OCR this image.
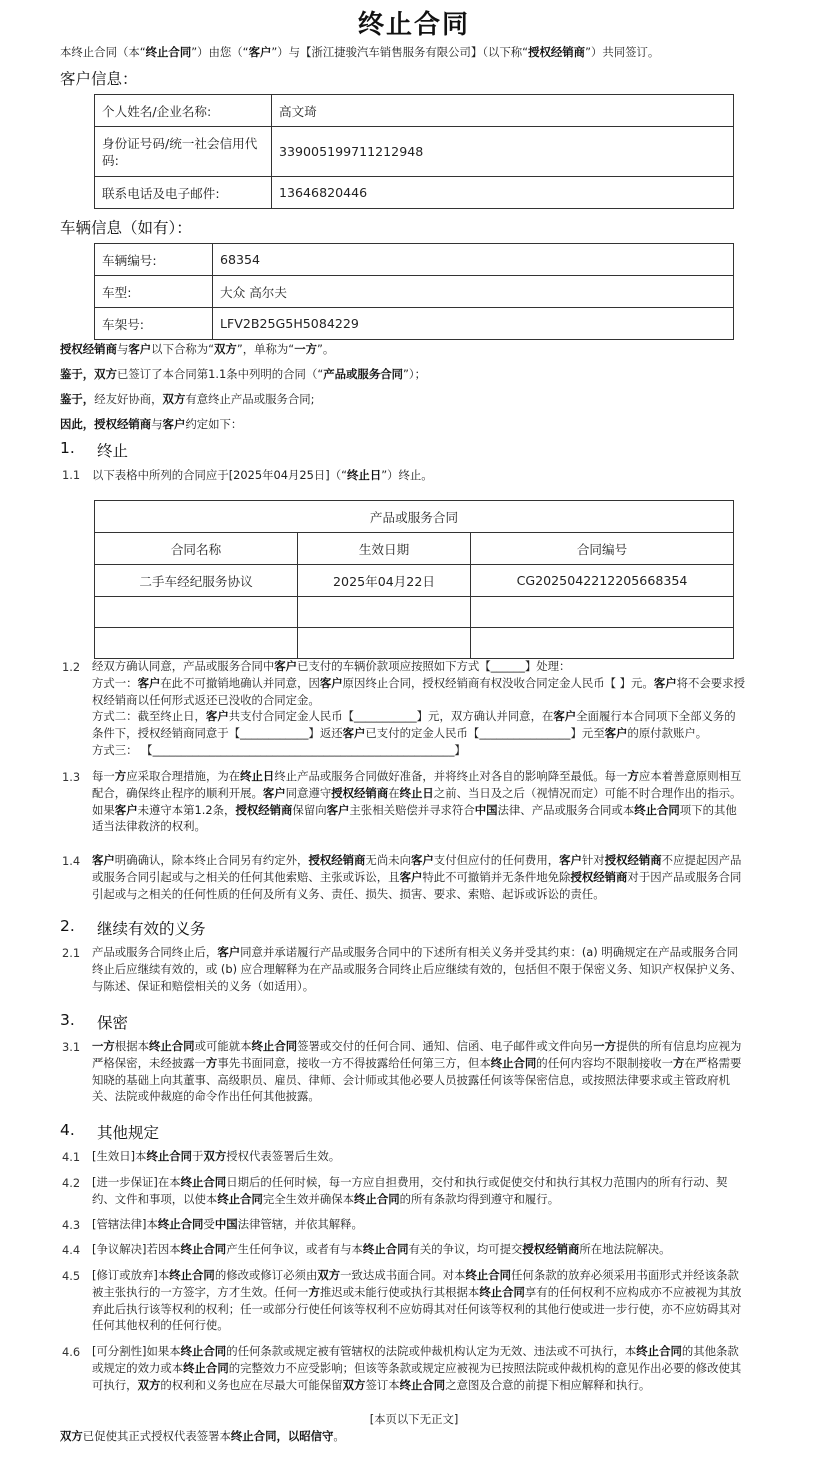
终止合同
本终止合同（本“终止合同”）由您（“客户”）与【浙江捷骏汽车销售服务有限公司】（以下称“授权经销商”）共同签订。
客户信息：
个人姓名/企业名称:	高文琦
身份证号码/统一社会信用代码:	339005199711212948
联系电话及电子邮件:	13646820446
车辆信息（如有）：
车辆编号:	68354
车型:	大众 高尔夫
车架号:	LFV2B25G5H5084229
授权经销商与客户以下合称为“双方”，单称为“一方”。
鉴于，双方已签订了本合同第1.1条中列明的合同（“产品或服务合同”）；
鉴于，经友好协商，双方有意终止产品或服务合同;
因此，授权经销商与客户约定如下：
1. 终止
1.1 以下表格中所列的合同应于[2025年04月25日]（“终止日”）终止。
产品或服务合同		
合同名称	生效日期	合同编号
二手车经纪服务协议	2025年04月22日	CG2025042212205668354

1.2 经双方确认同意，产品或服务合同中客户已支付的车辆价款项应按照如下方式【______】处理：
方式一：客户在此不可撤销地确认并同意，因客户原因终止合同，授权经销商有权没收合同定金人民币【 】元。客户将不会要求授
权经销商以任何形式返还已没收的合同定金。
方式二：截至终止日，客户共支付合同定金人民币【___________】元，双方确认并同意，在客户全面履行本合同项下全部义务的
条件下，授权经销商同意于【____________】返还客户已支付的定金人民币【________________】元至客户的原付款账户。
方式三： 【_____________________________________________________】
1.3 每一方应采取合理措施，为在终止日终止产品或服务合同做好准备，并将终止对各自的影响降至最低。每一方应本着善意原则相互
配合，确保终止程序的顺利开展。客户同意遵守授权经销商在终止日之前、当日及之后（视情况而定）可能不时合理作出的指示。
如果客户未遵守本第1.2条，授权经销商保留向客户主张相关赔偿并寻求符合中国法律、产品或服务合同或本终止合同项下的其他
适当法律救济的权利。
1.4 客户明确确认，除本终止合同另有约定外，授权经销商无尚未向客户支付但应付的任何费用，客户针对授权经销商不应提起因产品
或服务合同引起或与之相关的任何其他索赔、主张或诉讼，且客户特此不可撤销并无条件地免除授权经销商对于因产品或服务合同
引起或与之相关的任何性质的任何及所有义务、责任、损失、损害、要求、索赔、起诉或诉讼的责任。
2. 继续有效的义务
2.1 产品或服务合同终止后，客户同意并承诺履行产品或服务合同中的下述所有相关义务并受其约束：(a) 明确规定在产品或服务合同
终止后应继续有效的，或 (b) 应合理解释为在产品或服务合同终止后应继续有效的，包括但不限于保密义务、知识产权保护义务、
与陈述、保证和赔偿相关的义务（如适用）。
3. 保密
3.1 一方根据本终止合同或可能就本终止合同签署或交付的任何合同、通知、信函、电子邮件或文件向另一方提供的所有信息均应视为
严格保密，未经披露一方事先书面同意，接收一方不得披露给任何第三方，但本终止合同的任何内容均不限制接收一方在严格需要
知晓的基础上向其董事、高级职员、雇员、律师、会计师或其他必要人员披露任何该等保密信息，或按照法律要求或主管政府机
关、法院或仲裁庭的命令作出任何其他披露。
4. 其他规定
4.1 [生效日]本终止合同于双方授权代表签署后生效。
4.2 [进一步保证]在本终止合同日期后的任何时候，每一方应自担费用，交付和执行或促使交付和执行其权力范围内的所有行动、契
约、文件和事项，以使本终止合同完全生效并确保本终止合同的所有条款均得到遵守和履行。
4.3 [管辖法律]本终止合同受中国法律管辖，并依其解释。
4.4 [争议解决]若因本终止合同产生任何争议，或者有与本终止合同有关的争议，均可提交授权经销商所在地法院解决。
4.5 [修订或放弃]本终止合同的修改或修订必须由双方一致达成书面合同。对本终止合同任何条款的放弃必须采用书面形式并经该条款
被主张执行的一方签字，方才生效。任何一方推迟或未能行使或执行其根据本终止合同享有的任何权利不应构成亦不应被视为其放
弃此后执行该等权利的权利；任一或部分行使任何该等权利不应妨碍其对任何该等权利的其他行使或进一步行使，亦不应妨碍其对
任何其他权利的任何行使。
4.6 [可分割性]如果本终止合同的任何条款或规定被有管辖权的法院或仲裁机构认定为无效、违法或不可执行，本终止合同的其他条款
或规定的效力或本终止合同的完整效力不应受影响；但该等条款或规定应被视为已按照法院或仲裁机构的意见作出必要的修改使其
可执行，双方的权利和义务也应在尽最大可能保留双方签订本终止合同之意图及合意的前提下相应解释和执行。
[本页以下无正文]
双方已促使其正式授权代表签署本终止合同，以昭信守。
